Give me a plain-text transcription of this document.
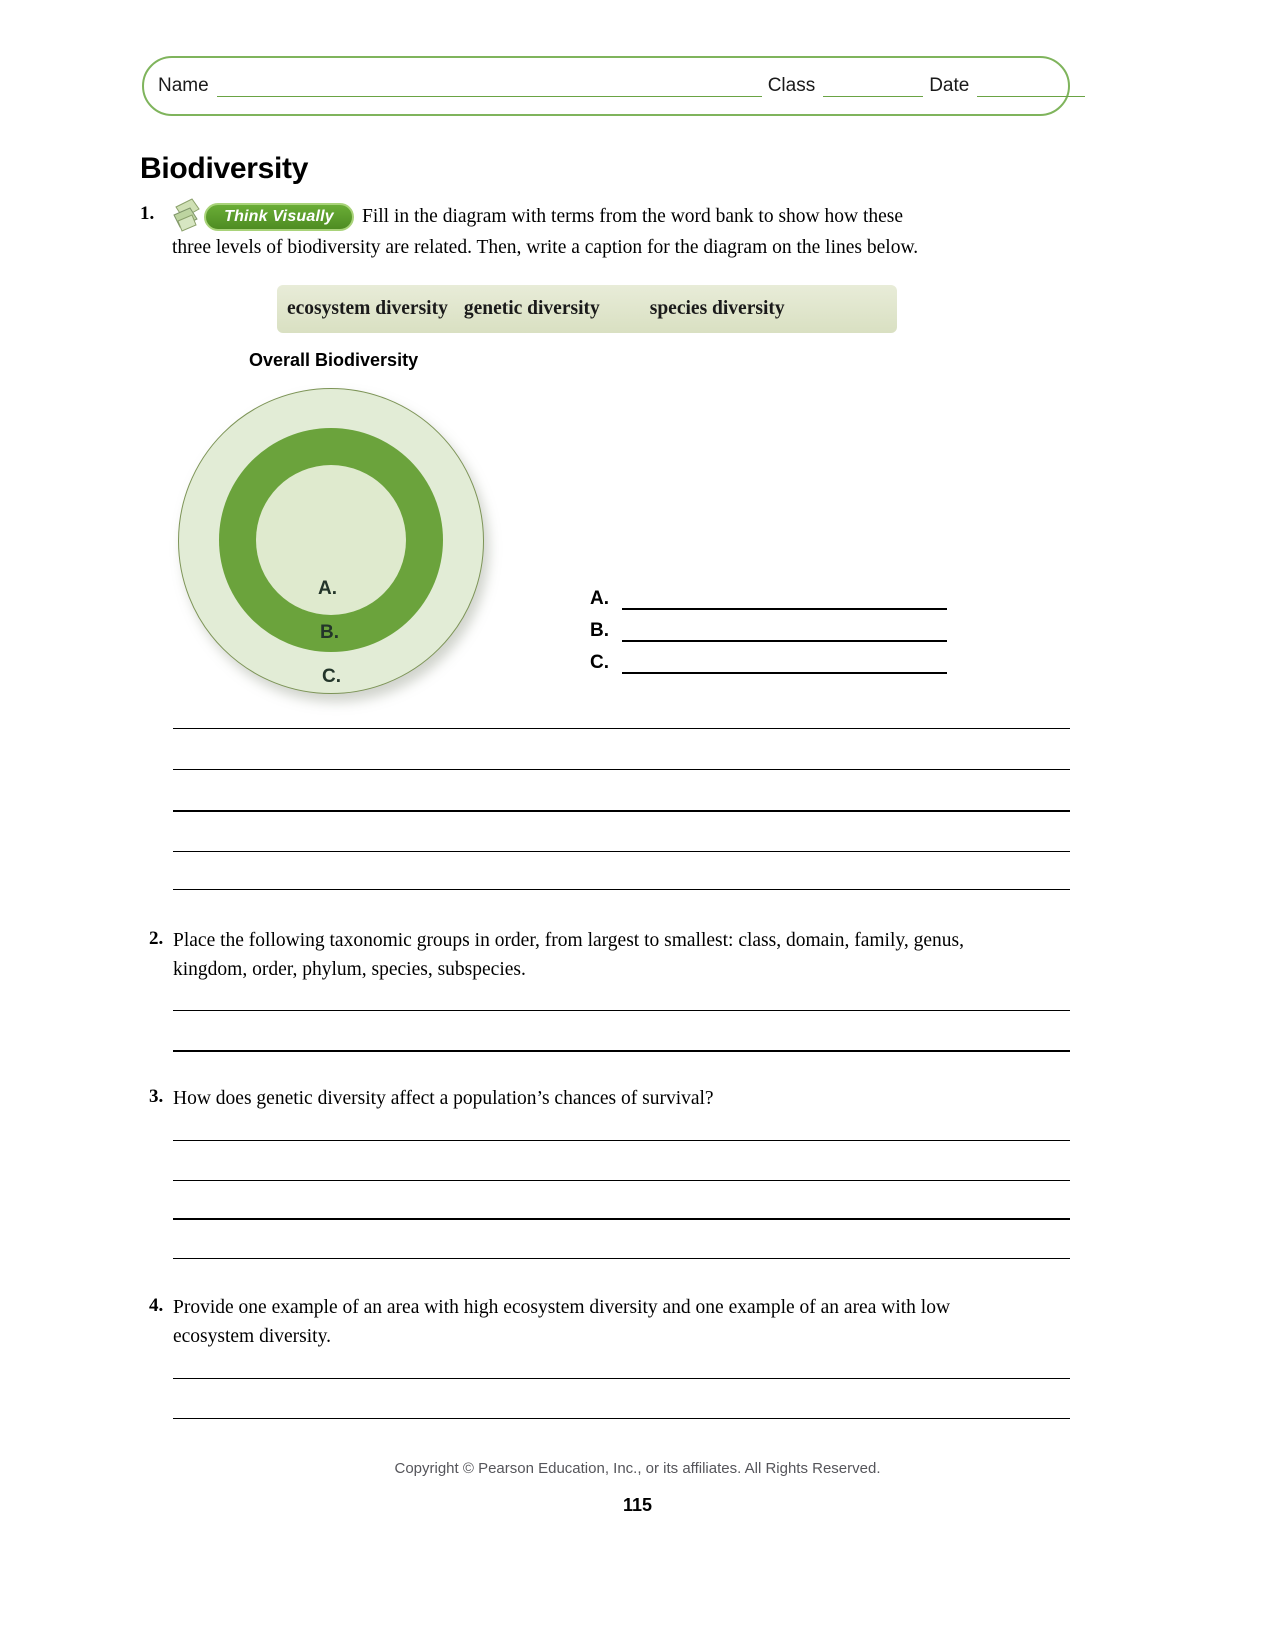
Name	Class	Date
Biodiversity
1.	Think Visually Fill in the diagram with terms from the word bank to show how these
three levels of biodiversity are related. Then, write a caption for the diagram on the lines below.
ecosystem diversity genetic diversity	species diversity
Overall Biodiversity
A.
B.
C.
A.
B.
C.
2. Place the following taxonomic groups in order, from largest to smallest: class, domain, family, genus, kingdom, order, phylum, species, subspecies.
3. How does genetic diversity affect a population’s chances of survival?
4. Provide one example of an area with high ecosystem diversity and one example of an area with low ecosystem diversity.
Copyright © Pearson Education, Inc., or its affiliates. All Rights Reserved.
115
